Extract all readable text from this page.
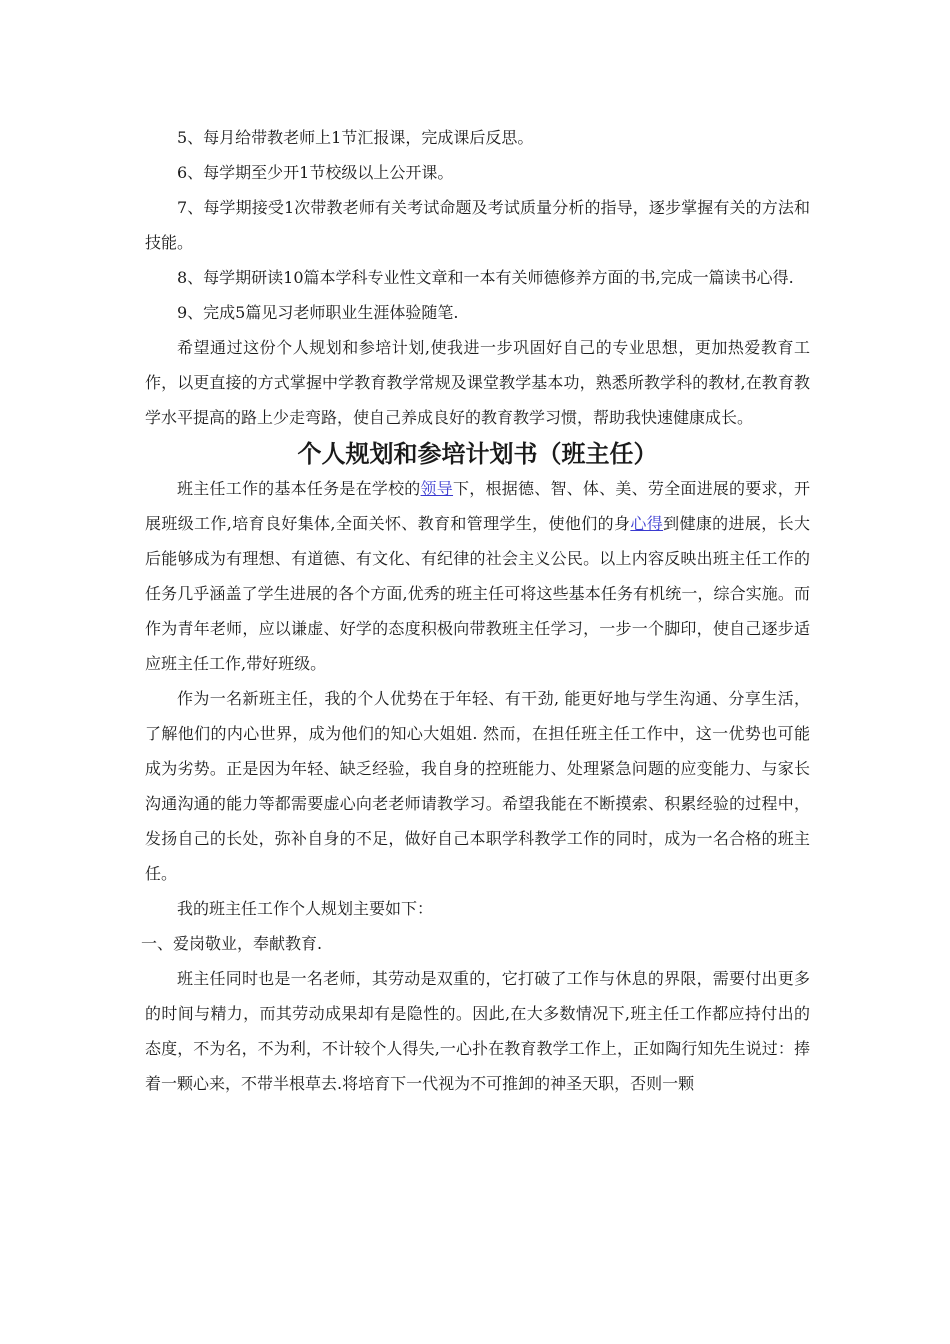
5、每月给带教老师上1节汇报课，完成课后反思。

6、每学期至少开1节校级以上公开课。

7、每学期接受1次带教老师有关考试命题及考试质量分析的指导，逐步掌握有关的方法和技能。

8、每学期研读10篇本学科专业性文章和一本有关师德修养方面的书,完成一篇读书心得.

9、完成5篇见习老师职业生涯体验随笔.

希望通过这份个人规划和参培计划,使我进一步巩固好自己的专业思想，更加热爱教育工作，以更直接的方式掌握中学教育教学常规及课堂教学基本功，熟悉所教学科的教材,在教育教学水平提高的路上少走弯路，使自己养成良好的教育教学习惯，帮助我快速健康成长。

个人规划和参培计划书（班主任）

班主任工作的基本任务是在学校的领导下，根据德、智、体、美、劳全面进展的要求，开展班级工作,培育良好集体,全面关怀、教育和管理学生，使他们的身心得到健康的进展，长大后能够成为有理想、有道德、有文化、有纪律的社会主义公民。以上内容反映出班主任工作的任务几乎涵盖了学生进展的各个方面,优秀的班主任可将这些基本任务有机统一，综合实施。而作为青年老师，应以谦虚、好学的态度积极向带教班主任学习，一步一个脚印，使自己逐步适应班主任工作,带好班级。

作为一名新班主任，我的个人优势在于年轻、有干劲, 能更好地与学生沟通、分享生活，了解他们的内心世界，成为他们的知心大姐姐. 然而，在担任班主任工作中，这一优势也可能成为劣势。正是因为年轻、缺乏经验，我自身的控班能力、处理紧急问题的应变能力、与家长沟通沟通的能力等都需要虚心向老老师请教学习。希望我能在不断摸索、积累经验的过程中，发扬自己的长处，弥补自身的不足，做好自己本职学科教学工作的同时，成为一名合格的班主任。

我的班主任工作个人规划主要如下：

一、爱岗敬业，奉献教育.

班主任同时也是一名老师，其劳动是双重的，它打破了工作与休息的界限，需要付出更多的时间与精力，而其劳动成果却有是隐性的。因此,在大多数情况下,班主任工作都应持付出的态度，不为名，不为利，不计较个人得失,一心扑在教育教学工作上，正如陶行知先生说过：捧着一颗心来，不带半根草去.将培育下一代视为不可推卸的神圣天职，否则一颗
